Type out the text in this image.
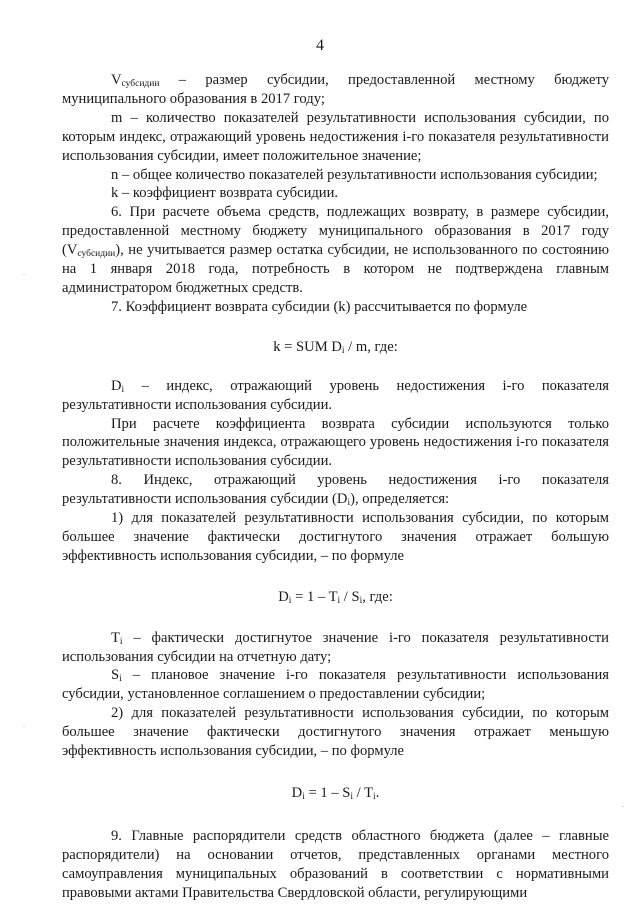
4
.
.
.

$V_{субсидии}$ – размер субсидии, предоставленной местному бюджету муниципального образования в 2017 году;

m – количество показателей результативности использования субсидии, по которым индекс, отражающий уровень недостижения i-го показателя результативности использования субсидии, имеет положительное значение;

n – общее количество показателей результативности использования субсидии;

k – коэффициент возврата субсидии.

6. При расчете объема средств, подлежащих возврату, в размере субсидии, предоставленной местному бюджету муниципального образования в 2017 году $(V_{субсидии})$, не учитывается размер остатка субсидии, не использованного по состоянию на 1 января 2018 года, потребность в котором не подтверждена главным администратором бюджетных средств.

7. Коэффициент возврата субсидии (k) рассчитывается по формуле

k = SUM $D_i$ / m, где:

$D_i$ – индекс, отражающий уровень недостижения i-го показателя результативности использования субсидии.

При расчете коэффициента возврата субсидии используются только положительные значения индекса, отражающего уровень недостижения i-го показателя результативности использования субсидии.

8. Индекс, отражающий уровень недостижения i-го показателя результативности использования субсидии $(D_i)$, определяется:

1) для показателей результативности использования субсидии, по которым большее значение фактически достигнутого значения отражает большую эффективность использования субсидии, – по формуле

$D_i = 1 - T_i / S_i$, где:

$T_i$ – фактически достигнутое значение i-го показателя результативности использования субсидии на отчетную дату;

$S_i$ – плановое значение i-го показателя результативности использования субсидии, установленное соглашением о предоставлении субсидии;

2) для показателей результативности использования субсидии, по которым большее значение фактически достигнутого значения отражает меньшую эффективность использования субсидии, – по формуле

$D_i = 1 - S_i / T_i$.

9. Главные распорядители средств областного бюджета (далее – главные распорядители) на основании отчетов, представленных органами местного самоуправления муниципальных образований в соответствии с нормативными правовыми актами Правительства Свердловской области, регулирующими
